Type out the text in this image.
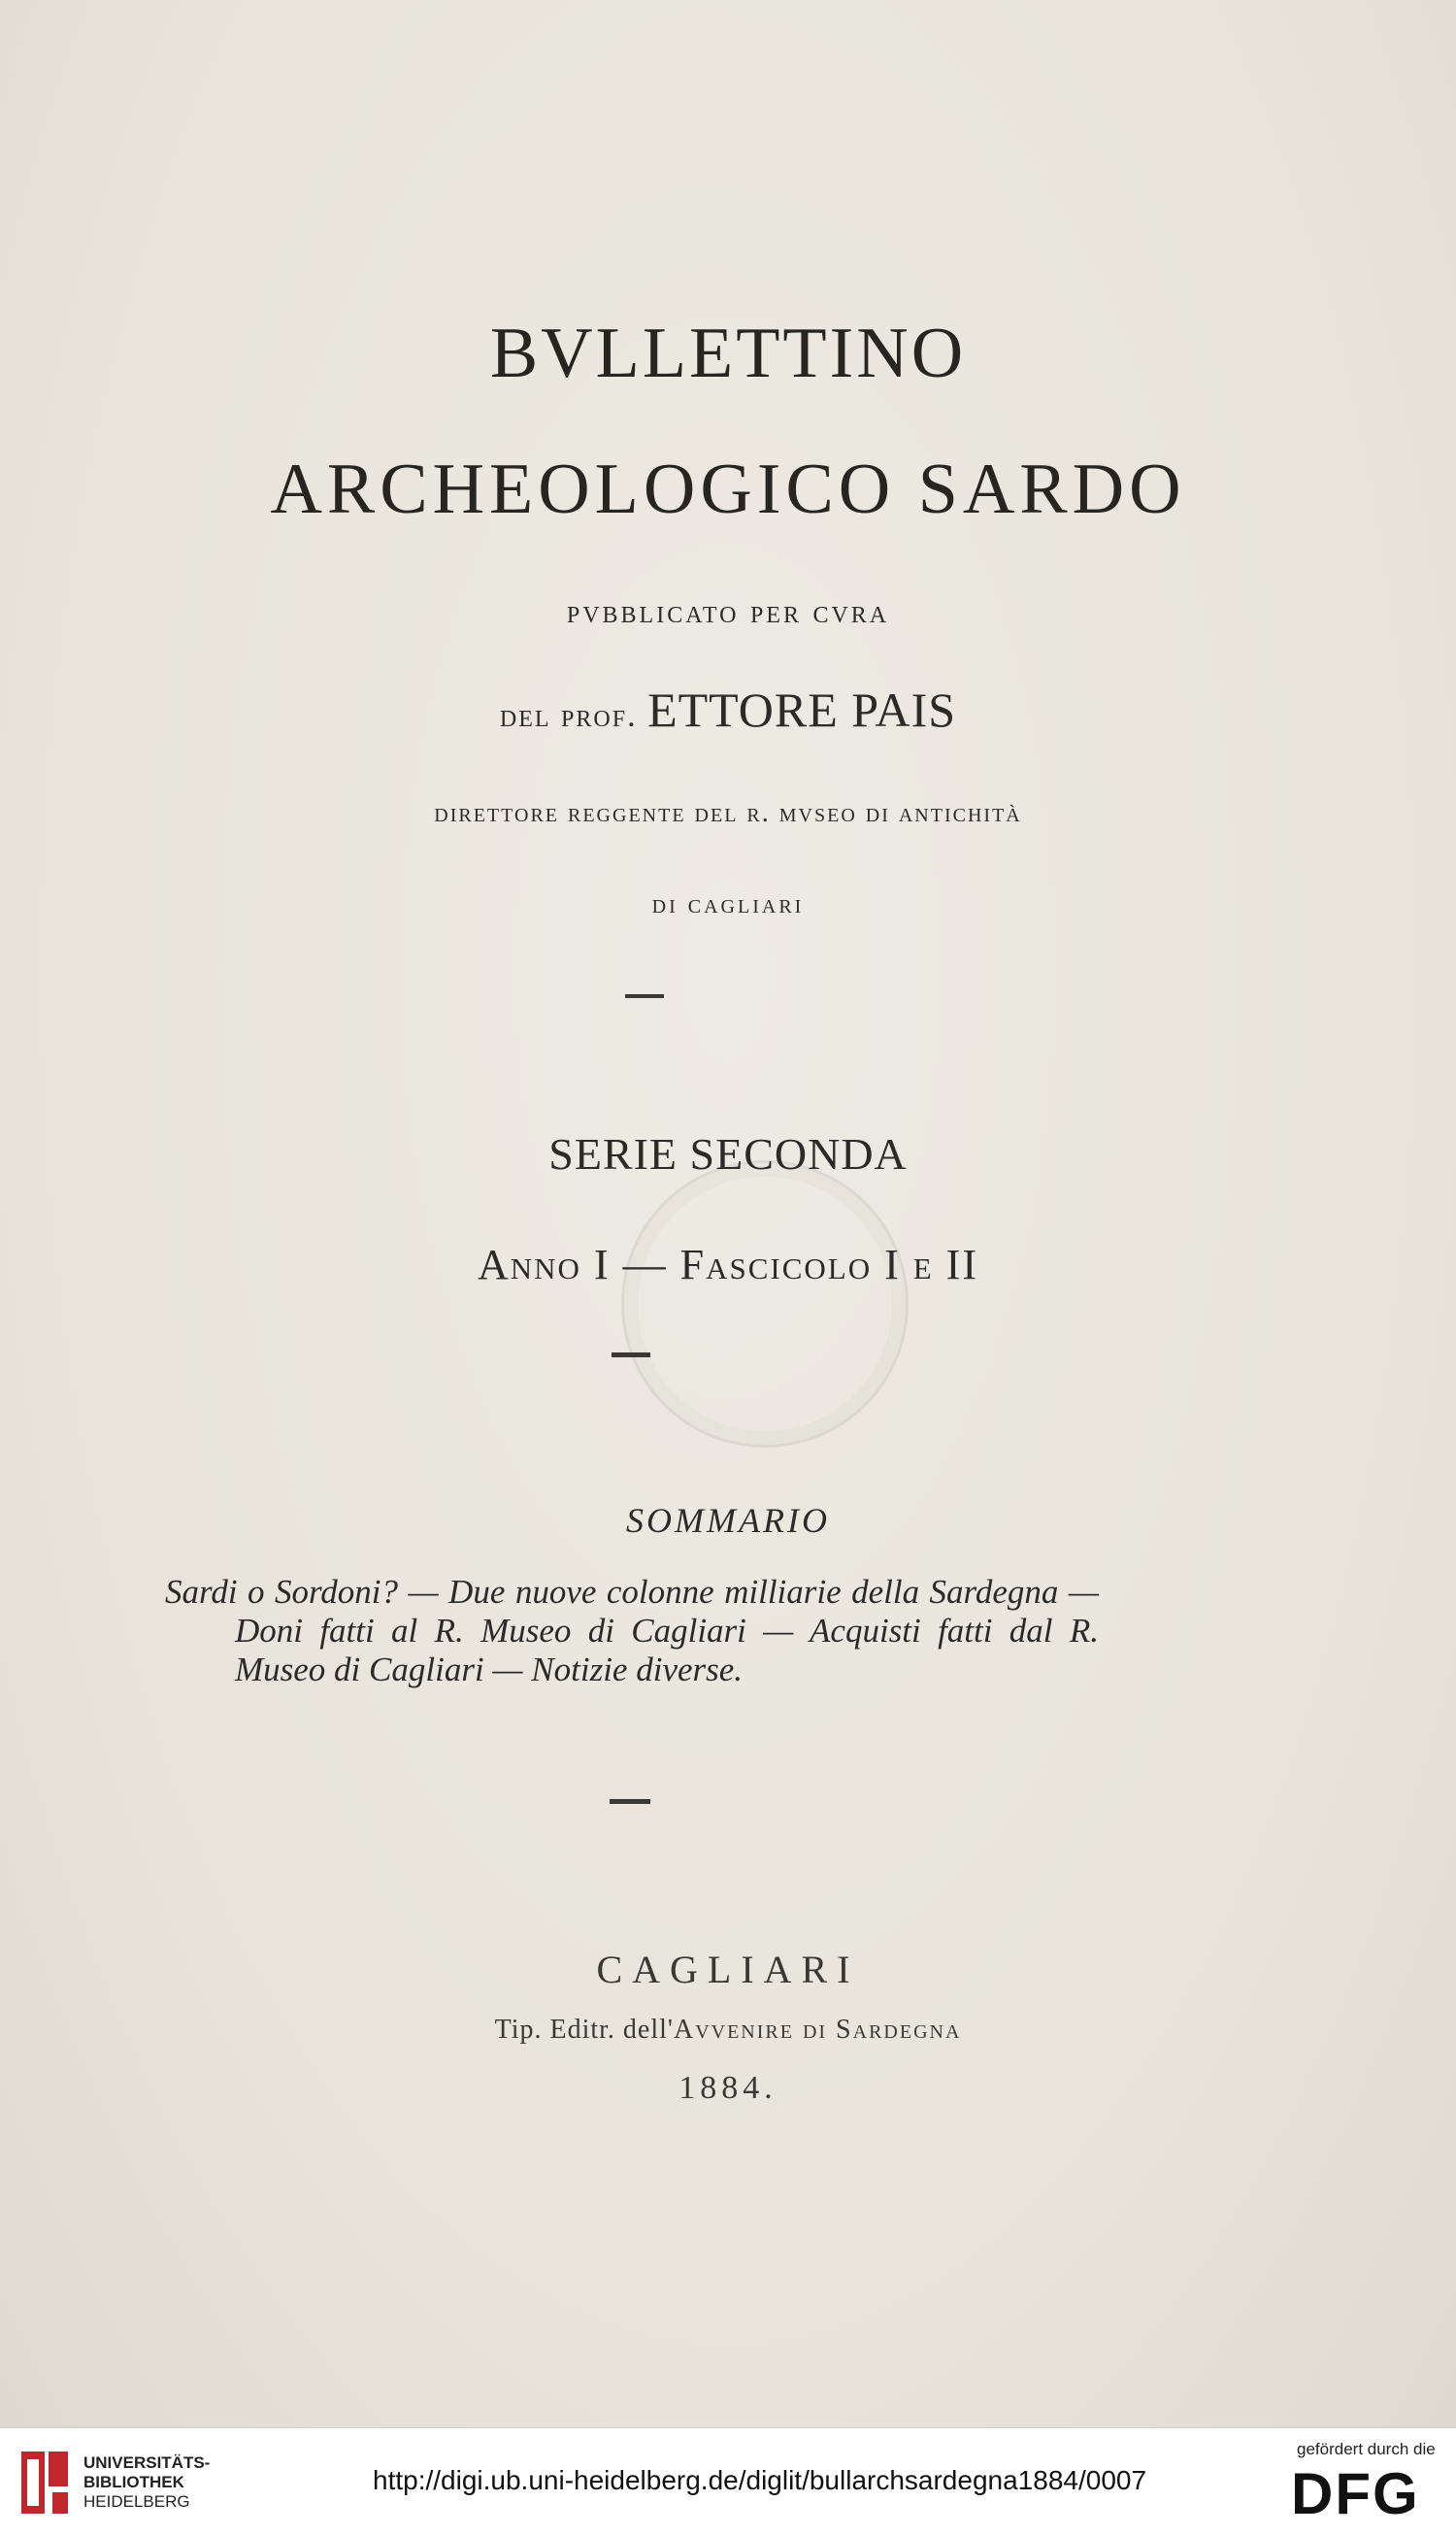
BVLLETTINO
ARCHEOLOGICO SARDO
pvbblicato per cvra
del prof. ETTORE PAIS
direttore reggente del r. mvseo di antichità
di cagliari
SERIE SECONDA
Anno I — Fascicolo I e II
SOMMARIO
Sardi o Sordoni? — Due nuove colonne milliarie della Sardegna — Doni fatti al R. Museo di Cagliari — Acquisti fatti dal R. Museo di Cagliari — Notizie diverse.
CAGLIARI
Tip. Editr. dell'Avvenire di Sardegna
1884.
UNIVERSITÄTS-
BIBLIOTHEK
HEIDELBERG
http://digi.ub.uni-heidelberg.de/diglit/bullarchsardegna1884/0007
gefördert durch die
DFG
